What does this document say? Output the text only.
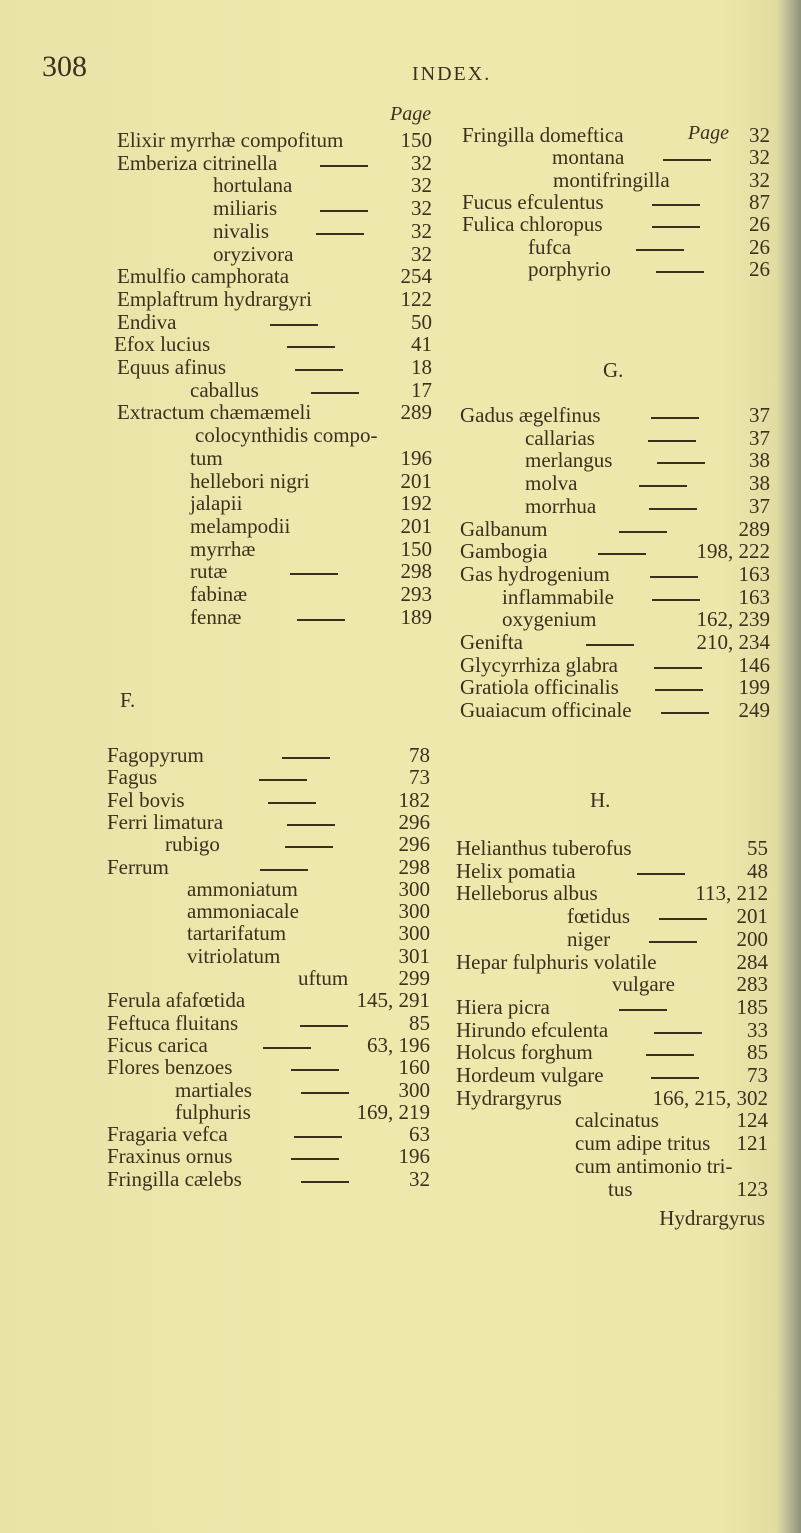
308	INDEX.
Page
F.
G.
H.
Hydrargyrus
Elixir myrrhæ compofitum	150
Emberiza citrinella	32
hortulana	32
miliaris	32
nivalis	32
oryzivora	32
Emulfio camphorata	254
Emplaftrum hydrargyri	122
Endiva	50
Efox lucius	41
Equus afinus	18
caballus	17
Extractum chæmæmeli	289
colocynthidis compo-
tum	196
hellebori nigri	201
jalapii	192
melampodii	201
myrrhæ	150
rutæ	298
fabinæ	293
fennæ	189
Fagopyrum	78
Fagus	73
Fel bovis	182
Ferri limatura	296
rubigo	296
Ferrum	298
ammoniatum	300
ammoniacale	300
tartarifatum	300
vitriolatum	301
uftum 299
Ferula afafœtida	145, 291
Feftuca fluitans	85
Ficus carica	63, 196
Flores benzoes	160
martiales	300
fulphuris	169, 219
Fragaria vefca	63
Fraxinus ornus	196
Fringilla cælebs	32
Fringilla domeftica	32
Page
montana	32
montifringilla	32
Fucus efculentus	87
Fulica chloropus	26
fufca	26
porphyrio	26
Gadus ægelfinus	37
callarias	37
merlangus	38
molva	38
morrhua	37
Galbanum	289
Gambogia	198, 222
Gas hydrogenium	163
inflammabile	163
oxygenium	162, 239
Genifta	210, 234
Glycyrrhiza glabra	146
Gratiola officinalis	199
Guaiacum officinale	249
Helianthus tuberofus	55
Helix pomatia	48
Helleborus albus	113, 212
fœtidus	201
niger	200
Hepar fulphuris volatile	284
vulgare	283
Hiera picra	185
Hirundo efculenta	33
Holcus forghum	85
Hordeum vulgare	73
Hydrargyrus	166, 215, 302
calcinatus	124
cum adipe tritus 121
cum antimonio tri-
tus	123
